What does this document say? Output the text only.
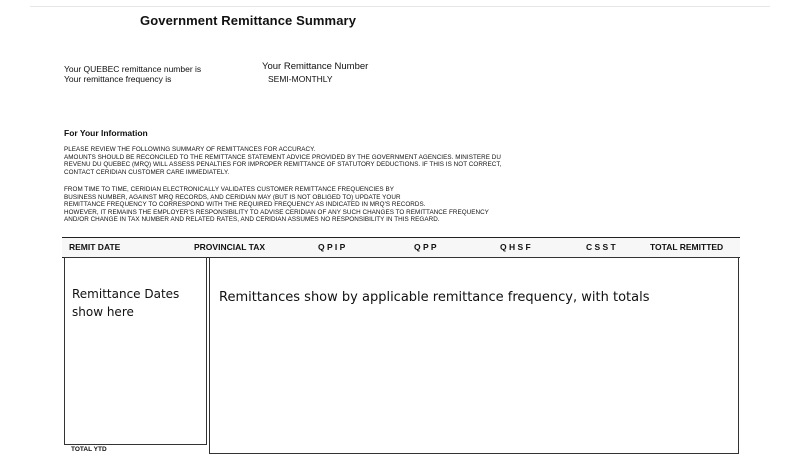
Government Remittance Summary
Your QUEBEC remittance number is
Your remittance frequency is
Your Remittance Number
SEMI-MONTHLY
For Your Information
PLEASE REVIEW THE FOLLOWING SUMMARY OF REMITTANCES FOR ACCURACY.
AMOUNTS SHOULD BE RECONCILED TO THE REMITTANCE STATEMENT ADVICE PROVIDED BY THE GOVERNMENT AGENCIES. MINISTERE DU
REVENU DU QUEBEC (MRQ) WILL ASSESS PENALTIES FOR IMPROPER REMITTANCE OF STATUTORY DEDUCTIONS. IF THIS IS NOT CORRECT,
CONTACT CERIDIAN CUSTOMER CARE IMMEDIATELY.
FROM TIME TO TIME, CERIDIAN ELECTRONICALLY VALIDATES CUSTOMER REMITTANCE FREQUENCIES BY
BUSINESS NUMBER, AGAINST MRQ RECORDS, AND CERIDIAN MAY (BUT IS NOT OBLIGED TO) UPDATE YOUR
REMITTANCE FREQUENCY TO CORRESPOND WITH THE REQUIRED FREQUENCY AS INDICATED IN MRQ'S RECORDS.
HOWEVER, IT REMAINS THE EMPLOYER'S RESPONSIBILITY TO ADVISE CERIDIAN OF ANY SUCH CHANGES TO REMITTANCE FREQUENCY
AND/OR CHANGE IN TAX NUMBER AND RELATED RATES, AND CERIDIAN ASSUMES NO RESPONSIBILITY IN THIS REGARD.
REMIT DATE	PROVINCIAL TAX	Q P I P	Q P P	Q H S F	C S S T	TOTAL REMITTED
Remittance Dates
show here
Remittances show by applicable remittance frequency, with totals
TOTAL YTD
